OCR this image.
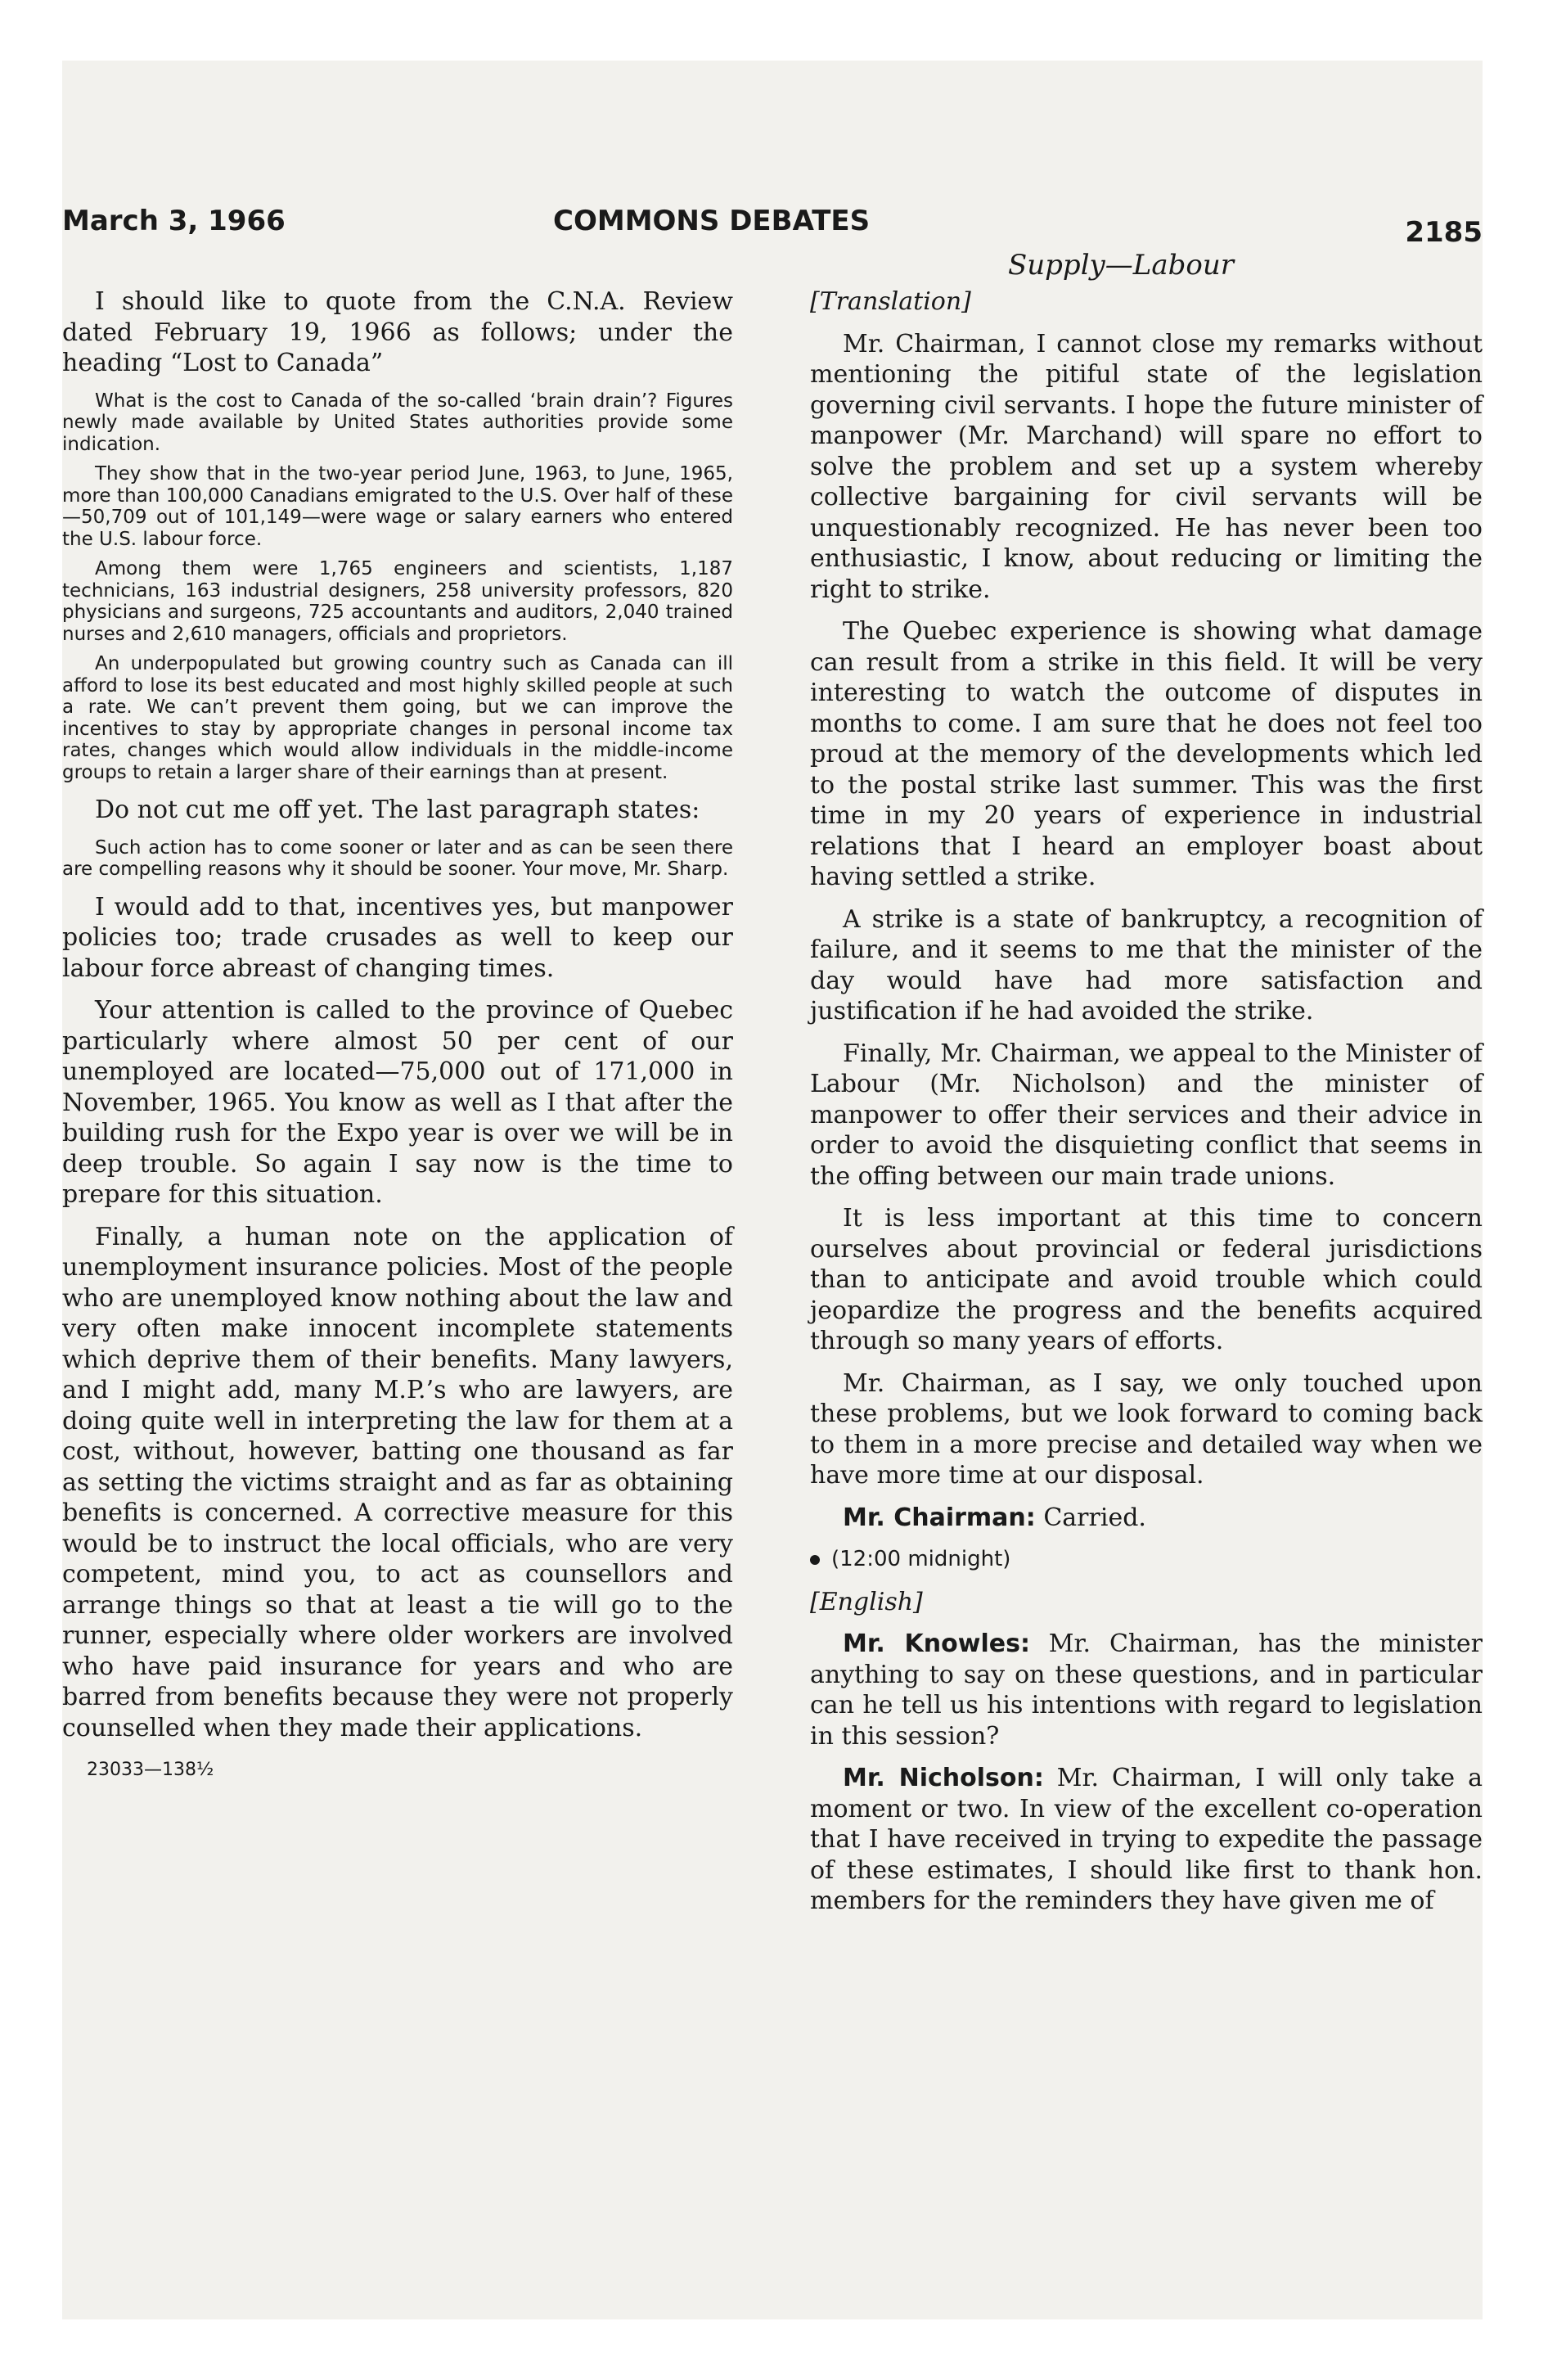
March 3, 1966	COMMONS DEBATES	2185
Supply—Labour

I should like to quote from the C.N.A. Review dated February 19, 1966 as follows; under the heading “Lost to Canada”

What is the cost to Canada of the so-called ‘brain drain’? Figures newly made available by United States authorities provide some indication.
They show that in the two-year period June, 1963, to June, 1965, more than 100,000 Canadians emigrated to the U.S. Over half of these—50,709 out of 101,149—were wage or salary earners who entered the U.S. labour force.
Among them were 1,765 engineers and scientists, 1,187 technicians, 163 industrial designers, 258 university professors, 820 physicians and surgeons, 725 accountants and auditors, 2,040 trained nurses and 2,610 managers, officials and proprietors.
An underpopulated but growing country such as Canada can ill afford to lose its best educated and most highly skilled people at such a rate. We can’t prevent them going, but we can improve the incentives to stay by appropriate changes in personal income tax rates, changes which would allow individuals in the middle-income groups to retain a larger share of their earnings than at present.

Do not cut me off yet. The last paragraph states:

Such action has to come sooner or later and as can be seen there are compelling reasons why it should be sooner. Your move, Mr. Sharp.

I would add to that, incentives yes, but manpower policies too; trade crusades as well to keep our labour force abreast of changing times.

Your attention is called to the province of Quebec particularly where almost 50 per cent of our unemployed are located—75,000 out of 171,000 in November, 1965. You know as well as I that after the building rush for the Expo year is over we will be in deep trouble. So again I say now is the time to prepare for this situation.

Finally, a human note on the application of unemployment insurance policies. Most of the people who are unemployed know nothing about the law and very often make innocent incomplete statements which deprive them of their benefits. Many lawyers, and I might add, many M.P.’s who are lawyers, are doing quite well in interpreting the law for them at a cost, without, however, batting one thousand as far as setting the victims straight and as far as obtaining benefits is concerned. A corrective measure for this would be to instruct the local officials, who are very competent, mind you, to act as counsellors and arrange things so that at least a tie will go to the runner, especially where older workers are involved who have paid insurance for years and who are barred from benefits because they were not properly counselled when they made their applications.

23033—138½
[Translation]

Mr. Chairman, I cannot close my remarks without mentioning the pitiful state of the legislation governing civil servants. I hope the future minister of manpower (Mr. Marchand) will spare no effort to solve the problem and set up a system whereby collective bargaining for civil servants will be unquestionably recognized. He has never been too enthusiastic, I know, about reducing or limiting the right to strike.

The Quebec experience is showing what damage can result from a strike in this field. It will be very interesting to watch the outcome of disputes in months to come. I am sure that he does not feel too proud at the memory of the developments which led to the postal strike last summer. This was the first time in my 20 years of experience in industrial relations that I heard an employer boast about having settled a strike.

A strike is a state of bankruptcy, a recognition of failure, and it seems to me that the minister of the day would have had more satisfaction and justification if he had avoided the strike.

Finally, Mr. Chairman, we appeal to the Minister of Labour (Mr. Nicholson) and the minister of manpower to offer their services and their advice in order to avoid the disquieting conflict that seems in the offing between our main trade unions.

It is less important at this time to concern ourselves about provincial or federal jurisdictions than to anticipate and avoid trouble which could jeopardize the progress and the benefits acquired through so many years of efforts.

Mr. Chairman, as I say, we only touched upon these problems, but we look forward to coming back to them in a more precise and detailed way when we have more time at our disposal.

Mr. Chairman: Carried.

(12:00 midnight)
[English]

Mr. Knowles: Mr. Chairman, has the minister anything to say on these questions, and in particular can he tell us his intentions with regard to legislation in this session?

Mr. Nicholson: Mr. Chairman, I will only take a moment or two. In view of the excellent co-operation that I have received in trying to expedite the passage of these estimates, I should like first to thank hon. members for the reminders they have given me of
